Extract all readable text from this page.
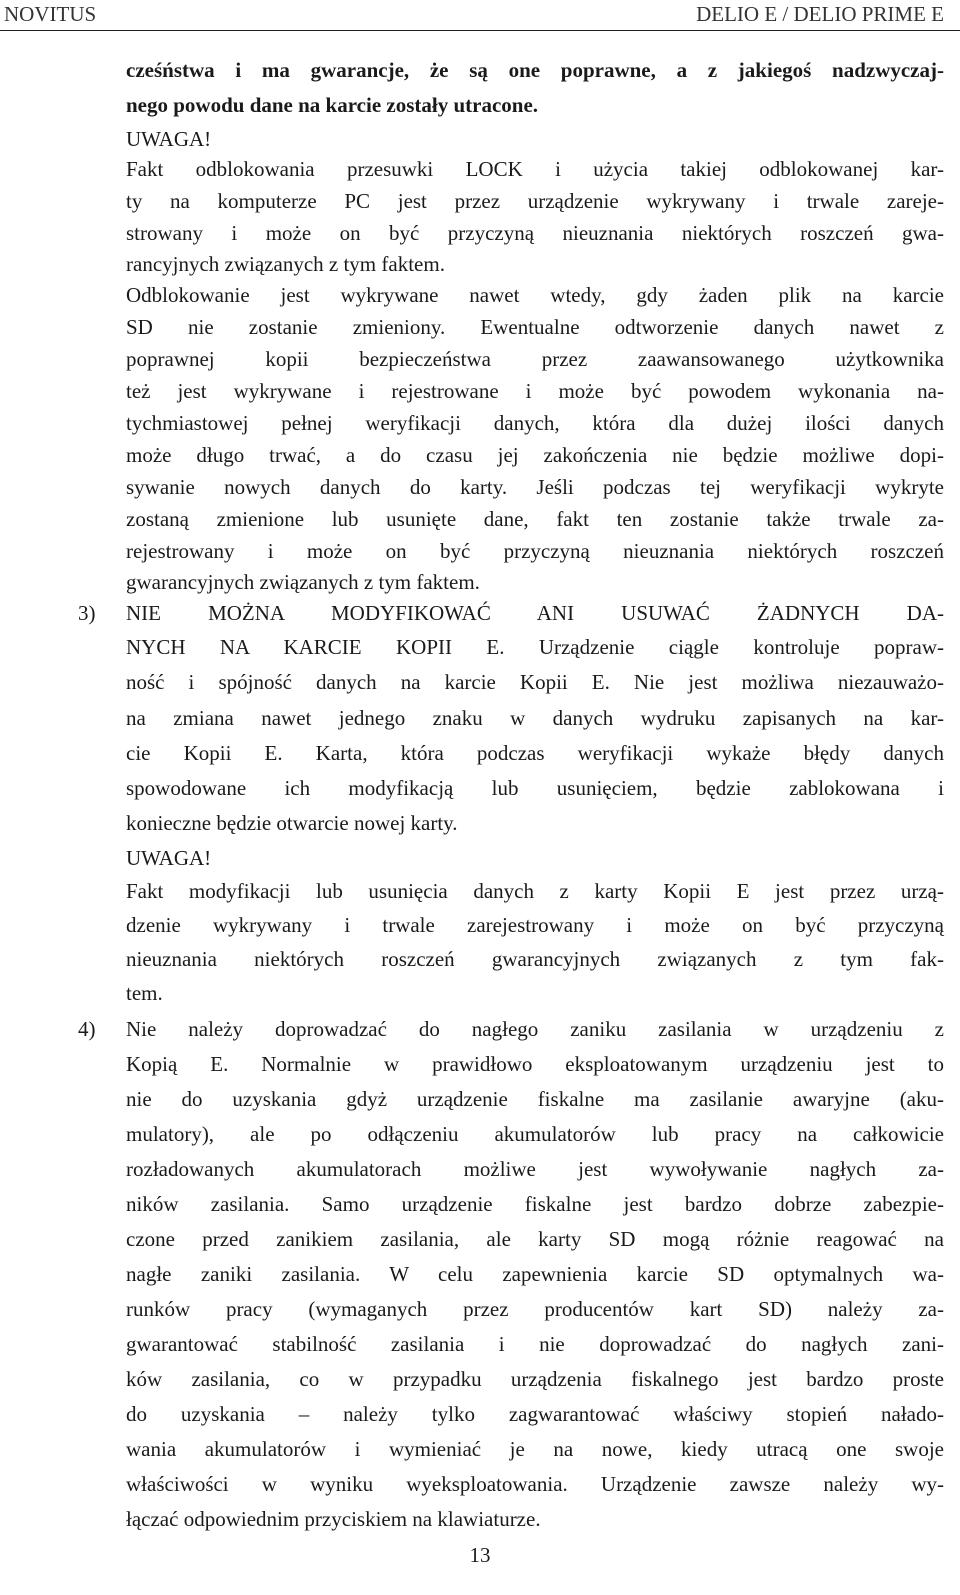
NOVITUS	DELIO E / DELIO PRIME E
cześństwa i ma gwarancje, że są one poprawne, a z jakiegoś nadzwyczaj-
nego powodu dane na karcie zostały utracone.
UWAGA!
Fakt odblokowania przesuwki LOCK i użycia takiej odblokowanej kar-
ty na komputerze PC jest przez urządzenie wykrywany i trwale zareje-
strowany i może on być przyczyną nieuznania niektórych roszczeń gwa-
rancyjnych związanych z tym faktem.
Odblokowanie jest wykrywane nawet wtedy, gdy żaden plik na karcie
SD nie zostanie zmieniony. Ewentualne odtworzenie danych nawet z
poprawnej kopii bezpieczeństwa przez zaawansowanego użytkownika
też jest wykrywane i rejestrowane i może być powodem wykonania na-
tychmiastowej pełnej weryfikacji danych, która dla dużej ilości danych
może długo trwać, a do czasu jej zakończenia nie będzie możliwe dopi-
sywanie nowych danych do karty. Jeśli podczas tej weryfikacji wykryte
zostaną zmienione lub usunięte dane, fakt ten zostanie także trwale za-
rejestrowany i może on być przyczyną nieuznania niektórych roszczeń
gwarancyjnych związanych z tym faktem.
3) NIE MOŻNA MODYFIKOWAĆ ANI USUWAĆ ŻADNYCH DA-
NYCH NA KARCIE KOPII E. Urządzenie ciągle kontroluje popraw-
ność i spójność danych na karcie Kopii E. Nie jest możliwa niezauważo-
na zmiana nawet jednego znaku w danych wydruku zapisanych na kar-
cie Kopii E. Karta, która podczas weryfikacji wykaże błędy danych
spowodowane ich modyfikacją lub usunięciem, będzie zablokowana i
konieczne będzie otwarcie nowej karty.
UWAGA!
Fakt modyfikacji lub usunięcia danych z karty Kopii E jest przez urzą-
dzenie wykrywany i trwale zarejestrowany i może on być przyczyną
nieuznania niektórych roszczeń gwarancyjnych związanych z tym fak-
tem.
4) Nie należy doprowadzać do nagłego zaniku zasilania w urządzeniu z
Kopią E. Normalnie w prawidłowo eksploatowanym urządzeniu jest to
nie do uzyskania gdyż urządzenie fiskalne ma zasilanie awaryjne (aku-
mulatory), ale po odłączeniu akumulatorów lub pracy na całkowicie
rozładowanych akumulatorach możliwe jest wywoływanie nagłych za-
ników zasilania. Samo urządzenie fiskalne jest bardzo dobrze zabezpie-
czone przed zanikiem zasilania, ale karty SD mogą różnie reagować na
nagłe zaniki zasilania. W celu zapewnienia karcie SD optymalnych wa-
runków pracy (wymaganych przez producentów kart SD) należy za-
gwarantować stabilność zasilania i nie doprowadzać do nagłych zani-
ków zasilania, co w przypadku urządzenia fiskalnego jest bardzo proste
do uzyskania – należy tylko zagwarantować właściwy stopień nałado-
wania akumulatorów i wymieniać je na nowe, kiedy utracą one swoje
właściwości w wyniku wyeksploatowania. Urządzenie zawsze należy wy-
łączać odpowiednim przyciskiem na klawiaturze.
13
